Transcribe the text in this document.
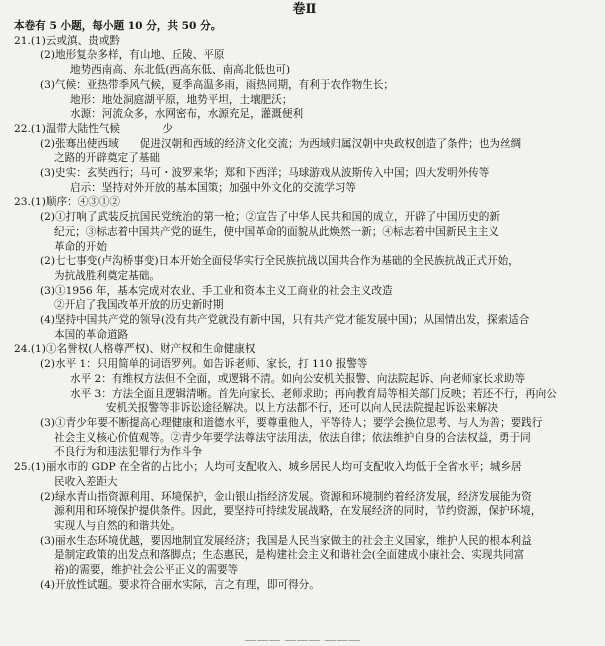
卷Ⅱ
本卷有 5 小题，每小题 10 分，共 50 分。
21.(1)云或滇、贵或黔
(2)地形复杂多样，有山地、丘陵、平原
地势西南高、东北低(西高东低、南高北低也可)
(3)气候：亚热带季风气候，夏季高温多雨，雨热同期，有利于农作物生长；
地形：地处洞庭湖平原，地势平坦，土壤肥沃；
水源：河流众多，水网密布，水源充足，灌溉便利
22.(1)温带大陆性气候　　　　少
(2)张骞出使西域　　促进汉朝和西域的经济文化交流；为西域归属汉朝中央政权创造了条件；也为丝绸
之路的开辟奠定了基础
(3)史实：玄奘西行；马可・波罗来华；郑和下西洋；马球游戏从波斯传入中国；四大发明外传等
启示：坚持对外开放的基本国策；加强中外文化的交流学习等
23.(1)顺序：④③①②
(2)①打响了武装反抗国民党统治的第一枪；②宣告了中华人民共和国的成立，开辟了中国历史的新
纪元；③标志着中国共产党的诞生，使中国革命的面貌从此焕然一新；④标志着中国新民主主义
革命的开始
(2)七七事变(卢沟桥事变)日本开始全面侵华实行全民族抗战以国共合作为基础的全民族抗战正式开始，
为抗战胜利奠定基础。
(3)①1956 年，基本完成对农业、手工业和资本主义工商业的社会主义改造
②开启了我国改革开放的历史新时期
(4)坚持中国共产党的领导(没有共产党就没有新中国，只有共产党才能发展中国)；从国情出发，探索适合
本国的革命道路
24.(1)①名誉权(人格尊严权)、财产权和生命健康权
(2)水平 1：只用简单的词语罗列。如告诉老师、家长，打 110 报警等
水平 2：有维权方法但不全面，或逻辑不清。如向公安机关报警、向法院起诉、向老师家长求助等
水平 3：方法全面且逻辑清晰。首先向家长、老师求助；再向教育局等相关部门反映；若还不行，再向公
安机关报警等非诉讼途径解决。以上方法都不行，还可以向人民法院提起诉讼来解决
(3)①青少年要不断提高心理健康和道德水平，要尊重他人，平等待人；要学会换位思考、与人为善；要践行
社会主义核心价值观等。②青少年要学法尊法守法用法，依法自律；依法维护自身的合法权益，勇于同
不良行为和违法犯罪行为作斗争
25.(1)丽水市的 GDP 在全省的占比小；人均可支配收入、城乡居民人均可支配收入均低于全省水平；城乡居
民收入差距大
(2)绿水青山指资源利用、环境保护，金山银山指经济发展。资源和环境制约着经济发展，经济发展能为资
源利用和环境保护提供条件。因此，要坚持可持续发展战略，在发展经济的同时，节约资源，保护环境，
实现人与自然的和谐共处。
(3)丽水生态环境优越，要因地制宜发展经济；我国是人民当家做主的社会主义国家，维护人民的根本利益
是制定政策的出发点和落脚点；生态惠民，是构建社会主义和谐社会(全面建成小康社会、实现共同富
裕)的需要，维护社会公平正义的需要等
(4)开放性试题。要求符合丽水实际，言之有理，即可得分。
——— ——— ———
